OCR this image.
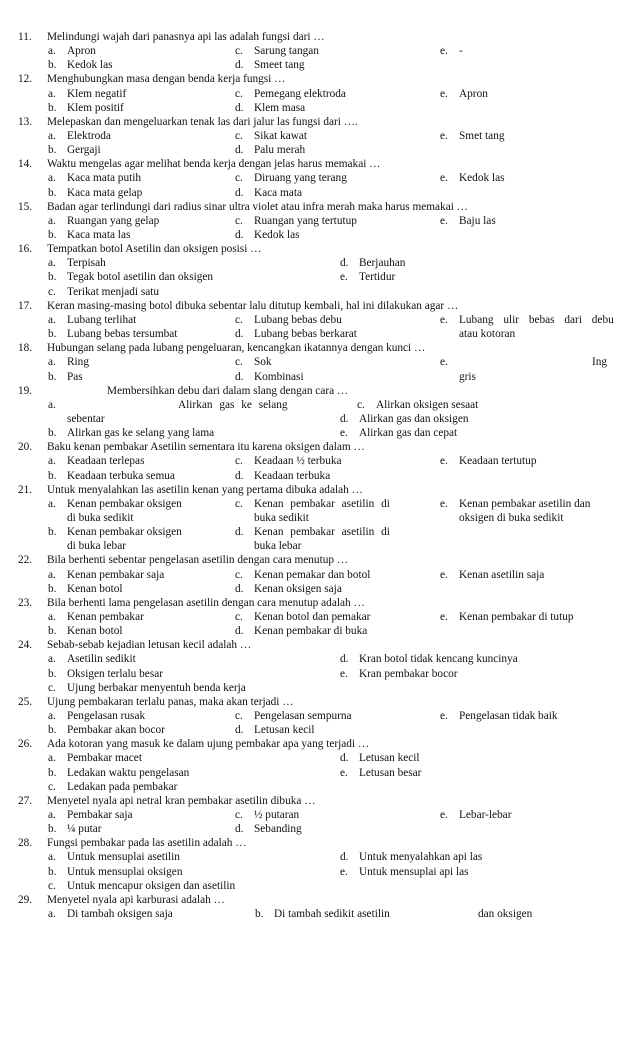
11. Melindungi wajah dari panasnya api las adalah fungsi dari …
a. Apron	c. Sarung tangan	e. -
b. Kedok las	d. Smeet tang
12. Menghubungkan masa dengan benda kerja fungsi …
a. Klem negatif	c. Pemegang elektroda	e. Apron
b. Klem positif	d. Klem masa
13. Melepaskan dan mengeluarkan tenak las dari jalur las fungsi dari ….
a. Elektroda	c. Sikat kawat	e. Smet tang
b. Gergaji	d. Palu merah
14. Waktu mengelas agar melihat benda kerja dengan jelas harus memakai …
a. Kaca mata putih	c. Diruang yang terang	e. Kedok las
b. Kaca mata gelap	d. Kaca mata
15. Badan agar terlindungi dari radius sinar ultra violet atau infra merah maka harus memakai …
a. Ruangan yang gelap	c. Ruangan yang tertutup	e. Baju las
b. Kaca mata las	d. Kedok las
16. Tempatkan botol Asetilin dan oksigen posisi …
a. Terpisah	d. Berjauhan
b. Tegak botol asetilin dan oksigen	e. Tertidur
c. Terikat menjadi satu
17. Keran masing-masing botol dibuka sebentar lalu ditutup kembali, hal ini dilakukan agar …
a. Lubang terlihat	c. Lubang bebas debu	e. Lubang ulir bebas dari debu
b. Lubang bebas tersumbat	d. Lubang bebas berkarat	atau kotoran
18. Hubungan selang pada lubang pengeluaran, kencangkan ikatannya dengan kunci …
a. Ring	c. Sok	e.	Ing
b. Pas	d. Kombinasi	gris
19.	Membersihkan debu dari dalam slang dengan cara …
a.	Alirkan gas ke selang	c. Alirkan oksigen sesaat
sebentar	d. Alirkan gas dan oksigen
b. Alirkan gas ke selang yang lama	e. Alirkan gas dan cepat
20. Baku kenan pembakar Asetilin sementara itu karena oksigen dalam …
a. Keadaan terlepas	c. Keadaan ½ terbuka	e. Keadaan tertutup
b. Keadaan terbuka semua	d. Keadaan terbuka
21. Untuk menyalahkan las asetilin kenan yang pertama dibuka adalah …
a. Kenan pembakar oksigen	c. Kenan pembakar asetilin di	e. Kenan pembakar asetilin dan
di buka sedikit	buka sedikit	oksigen di buka sedikit
b. Kenan pembakar oksigen	d. Kenan pembakar asetilin di
di buka lebar	buka lebar
22. Bila berhenti sebentar pengelasan asetilin dengan cara menutup …
a. Kenan pembakar saja	c. Kenan pemakar dan botol	e. Kenan asetilin saja
b. Kenan botol	d. Kenan oksigen saja
23. Bila berhenti lama pengelasan asetilin dengan cara menutup adalah …
a. Kenan pembakar	c. Kenan botol dan pemakar	e. Kenan pembakar di tutup
b. Kenan botol	d. Kenan pembakar di buka
24. Sebab-sebab kejadian letusan kecil adalah …
a. Asetilin sedikit	d. Kran botol tidak kencang kuncinya
b. Oksigen terlalu besar	e. Kran pembakar bocor
c. Ujung berbakar menyentuh benda kerja
25. Ujung pembakaran terlalu panas, maka akan terjadi …
a. Pengelasan rusak	c. Pengelasan sempurna	e. Pengelasan tidak baik
b. Pembakar akan bocor	d. Letusan kecil
26. Ada kotoran yang masuk ke dalam ujung pembakar apa yang terjadi …
a. Pembakar macet	d. Letusan kecil
b. Ledakan waktu pengelasan	e. Letusan besar
c. Ledakan pada pembakar
27. Menyetel nyala api netral kran pembakar asetilin dibuka …
a. Pembakar saja	c. ½ putaran	e. Lebar-lebar
b. ¼ putar	d. Sebanding
28. Fungsi pembakar pada las asetilin adalah …
a. Untuk mensuplai asetilin	d. Untuk menyalahkan api las
b. Untuk mensuplai oksigen	e. Untuk mensuplai api las
c. Untuk mencapur oksigen dan asetilin
29. Menyetel nyala api karburasi adalah …
a. Di tambah oksigen saja	b. Di tambah sedikit asetilin	dan oksigen
